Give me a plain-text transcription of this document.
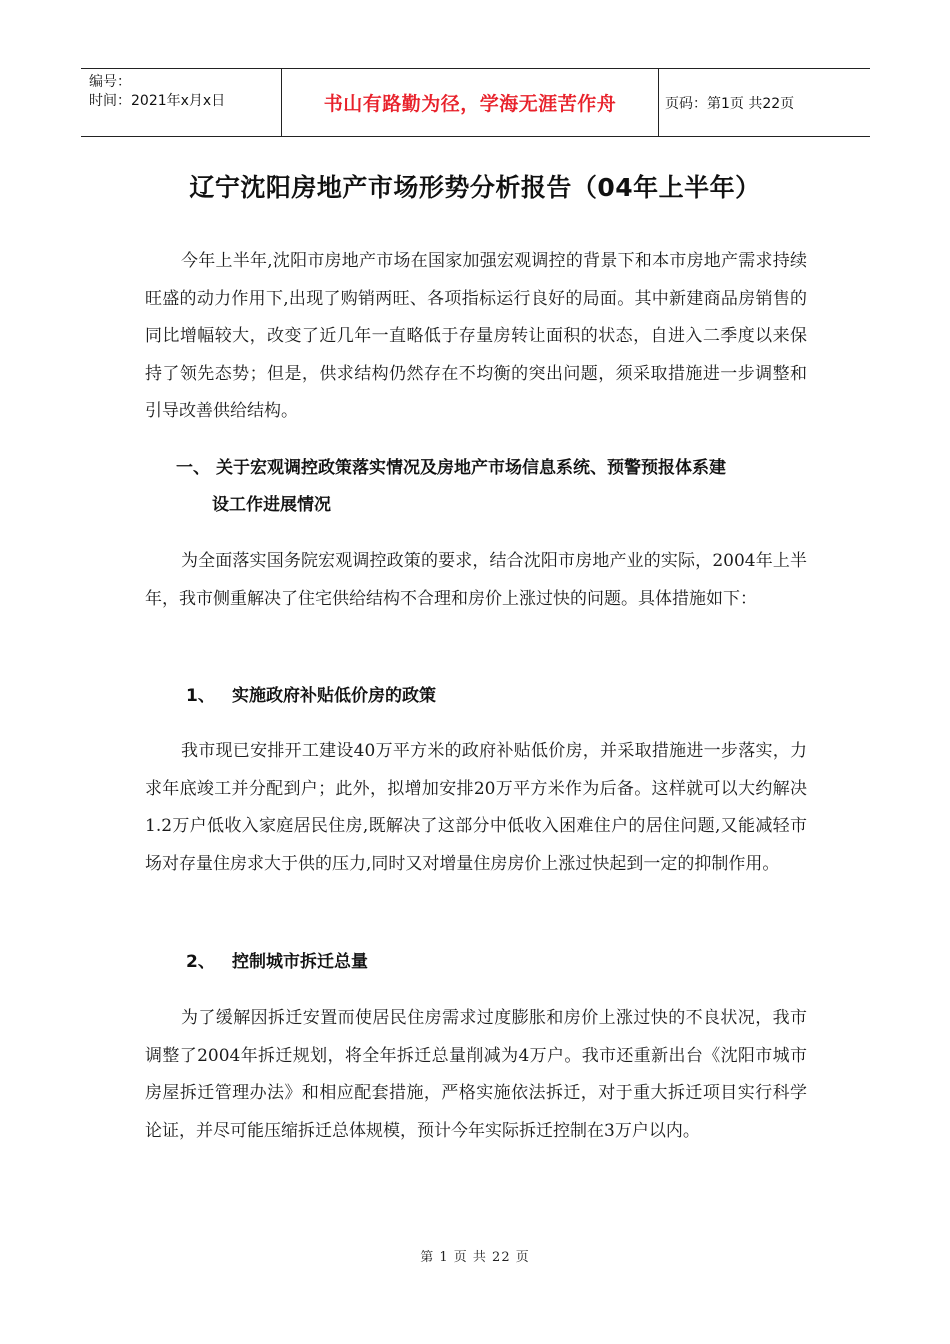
编号：
时间：2021年x月x日	书山有路勤为径，学海无涯苦作舟	页码：第1页 共22页
辽宁沈阳房地产市场形势分析报告（04年上半年）

今年上半年,沈阳市房地产市场在国家加强宏观调控的背景下和本市房地产需求持续旺盛的动力作用下,出现了购销两旺、各项指标运行良好的局面。其中新建商品房销售的同比增幅较大，改变了近几年一直略低于存量房转让面积的状态，自进入二季度以来保持了领先态势；但是，供求结构仍然存在不均衡的突出问题，须采取措施进一步调整和引导改善供给结构。

一、 关于宏观调控政策落实情况及房地产市场信息系统、预警预报体系建
设工作进展情况

为全面落实国务院宏观调控政策的要求，结合沈阳市房地产业的实际，2004年上半年，我市侧重解决了住宅供给结构不合理和房价上涨过快的问题。具体措施如下：

1、 实施政府补贴低价房的政策

我市现已安排开工建设40万平方米的政府补贴低价房，并采取措施进一步落实，力求年底竣工并分配到户；此外，拟增加安排20万平方米作为后备。这样就可以大约解决1.2万户低收入家庭居民住房,既解决了这部分中低收入困难住户的居住问题,又能减轻市场对存量住房求大于供的压力,同时又对增量住房房价上涨过快起到一定的抑制作用。

2、 控制城市拆迁总量

为了缓解因拆迁安置而使居民住房需求过度膨胀和房价上涨过快的不良状况，我市调整了2004年拆迁规划，将全年拆迁总量削减为4万户。我市还重新出台《沈阳市城市房屋拆迁管理办法》和相应配套措施，严格实施依法拆迁，对于重大拆迁项目实行科学论证，并尽可能压缩拆迁总体规模，预计今年实际拆迁控制在3万户以内。

第 1 页 共 22 页
